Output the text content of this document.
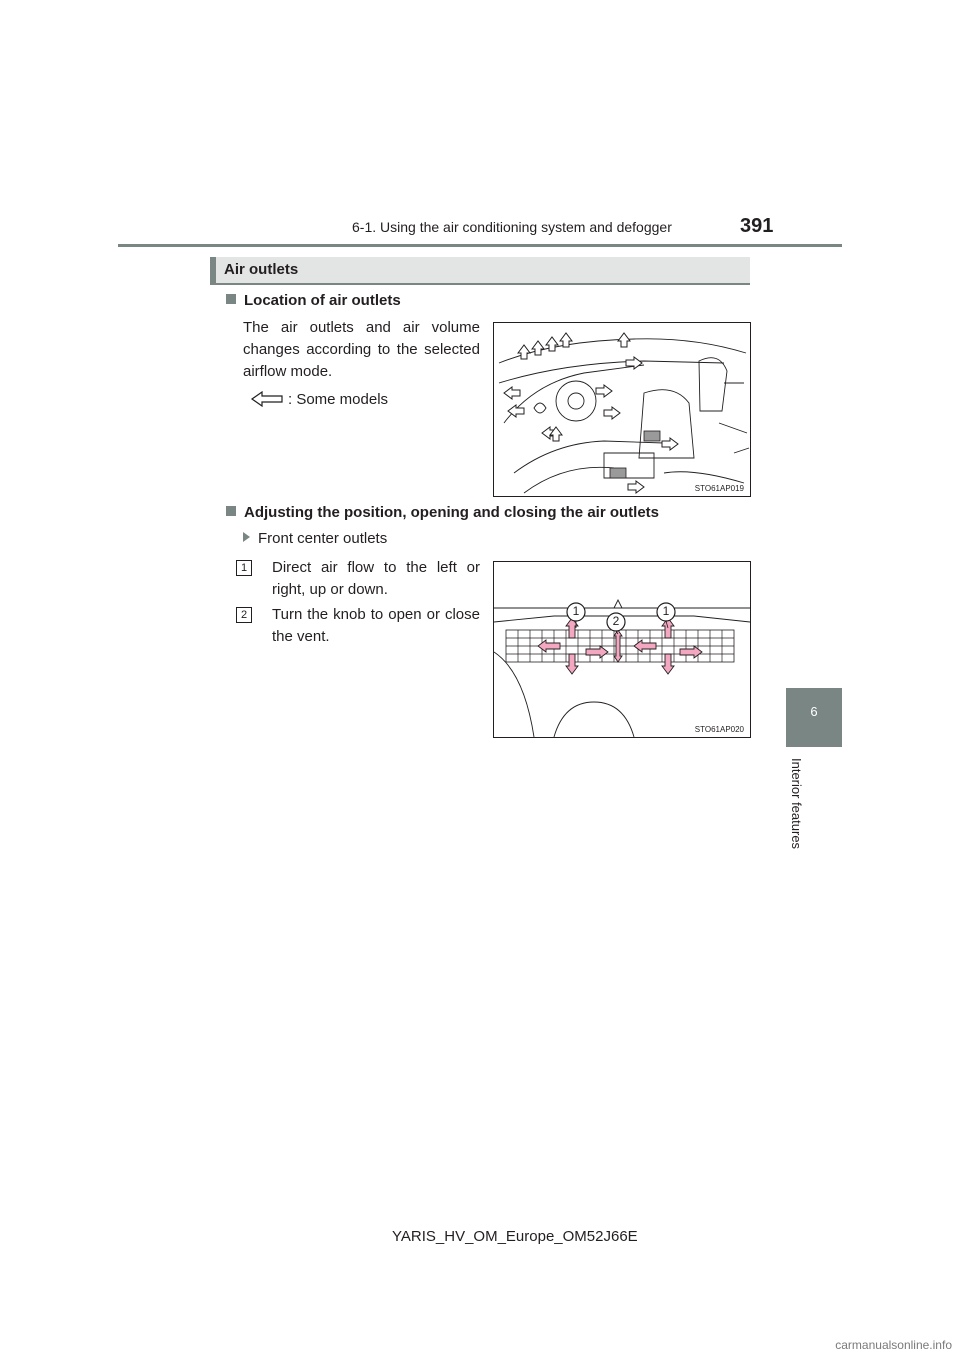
6-1. Using the air conditioning system and defogger	391
6
Interior features
Air outlets
Location of air outlets
The air outlets and air volume changes according to the selected airflow mode.
: Some models
STO61AP019
Adjusting the position, opening and closing the air outlets
Front center outlets
1	Direct air flow to the left or right, up or down.
2	Turn the knob to open or close the vent.
1
2
1
STO61AP020
YARIS_HV_OM_Europe_OM52J66E
carmanualsonline.info
